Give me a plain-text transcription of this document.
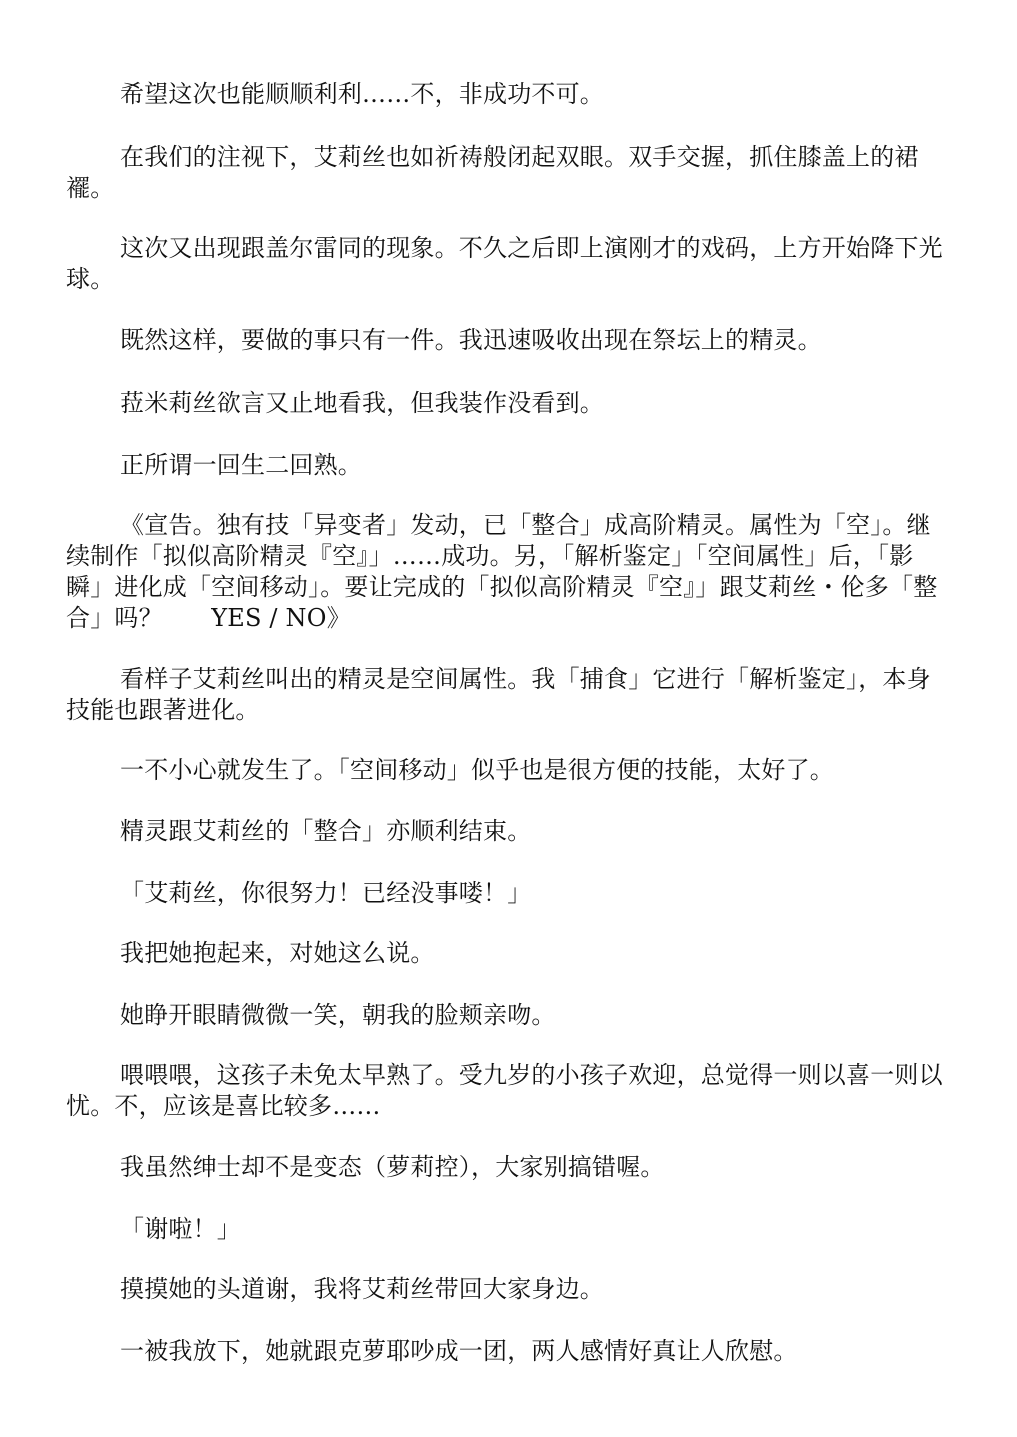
希望这次也能顺顺利利……不，非成功不可。

在我们的注视下，艾莉丝也如祈祷般闭起双眼。双手交握，抓住膝盖上的裙襬。

这次又出现跟盖尔雷同的现象。不久之后即上演刚才的戏码，上方开始降下光球。

既然这样，要做的事只有一件。我迅速吸收出现在祭坛上的精灵。

菈米莉丝欲言又止地看我，但我装作没看到。

正所谓一回生二回熟。

《宣告。独有技「异变者」发动，已「整合」成高阶精灵。属性为「空」。继续制作「拟似高阶精灵『空』」……成功。另，「解析鉴定」「空间属性」后，「影瞬」进化成「空间移动」。要让完成的「拟似高阶精灵『空』」跟艾莉丝・伦多「整合」吗？　　YES / NO》

看样子艾莉丝叫出的精灵是空间属性。我「捕食」它进行「解析鉴定」，本身技能也跟著进化。

一不小心就发生了。「空间移动」似乎也是很方便的技能，太好了。

精灵跟艾莉丝的「整合」亦顺利结束。

「艾莉丝，你很努力！已经没事喽！」

我把她抱起来，对她这么说。

她睁开眼睛微微一笑，朝我的脸颊亲吻。

喂喂喂，这孩子未免太早熟了。受九岁的小孩子欢迎，总觉得一则以喜一则以忧。不，应该是喜比较多……

我虽然绅士却不是变态（萝莉控），大家别搞错喔。

「谢啦！」

摸摸她的头道谢，我将艾莉丝带回大家身边。

一被我放下，她就跟克萝耶吵成一团，两人感情好真让人欣慰。
